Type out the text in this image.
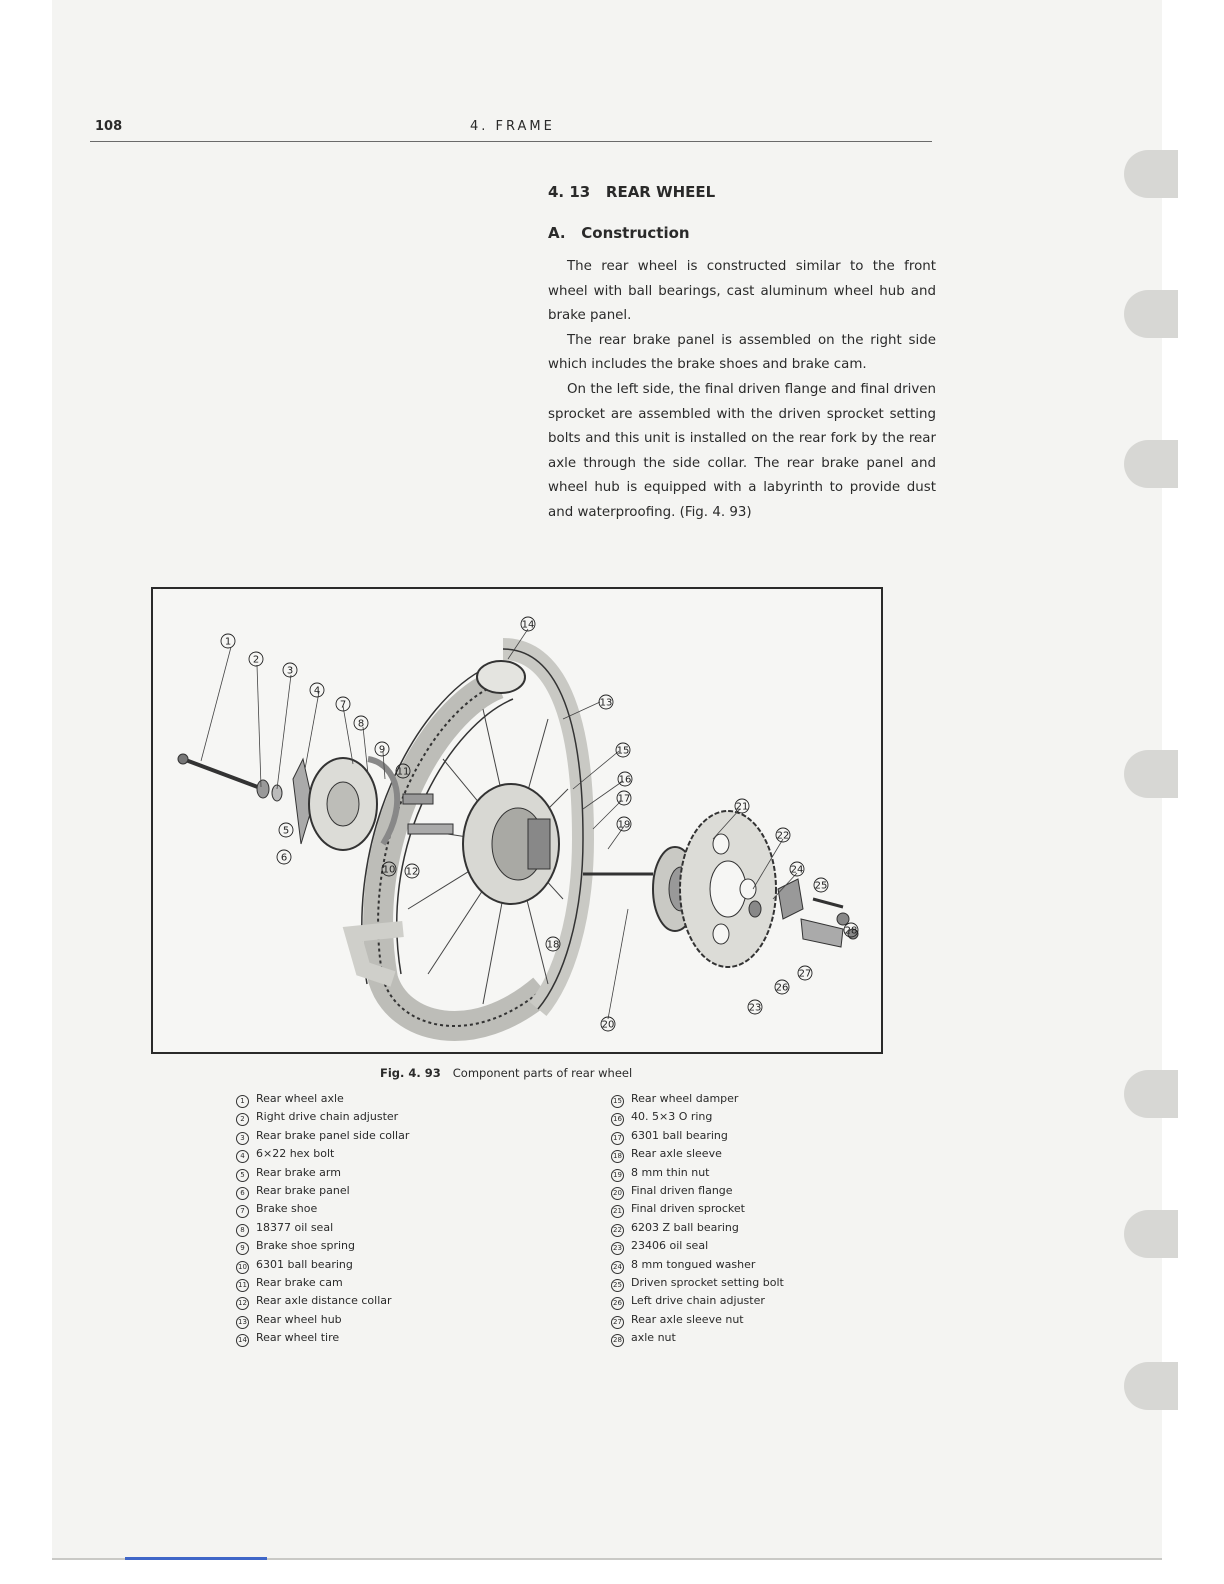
108	4. FRAME
4. 13   REAR WHEEL
A.   Construction

The rear wheel is constructed similar to the front wheel with ball bearings, cast aluminum wheel hub and brake panel.

The rear brake panel is assembled on the right side which includes the brake shoes and brake cam.

On the left side, the final driven flange and final driven sprocket are assembled with the driven sprocket setting bolts and this unit is installed on the rear fork by the rear axle through the side collar. The rear brake panel and wheel hub is equipped with a labyrinth to provide dust and waterproofing. (Fig. 4. 93)

1
2
3
4
5
6
7
8
9
10
11
12
13
14
15
16
17
18
19
20
21
22
23
24
25
26
27
28
Fig. 4. 93 Component parts of rear wheel
1 Rear wheel axle
2 Right drive chain adjuster
3 Rear brake panel side collar
4 6×22 hex bolt
5 Rear brake arm
6 Rear brake panel
7 Brake shoe
8 18377 oil seal
9 Brake shoe spring
10 6301 ball bearing
11 Rear brake cam
12 Rear axle distance collar
13 Rear wheel hub
14 Rear wheel tire
15 Rear wheel damper
16 40. 5×3 O ring
17 6301 ball bearing
18 Rear axle sleeve
19 8 mm thin nut
20 Final driven flange
21 Final driven sprocket
22 6203 Z ball bearing
23 23406 oil seal
24 8 mm tongued washer
25 Driven sprocket setting bolt
26 Left drive chain adjuster
27 Rear axle sleeve nut
28 axle nut
